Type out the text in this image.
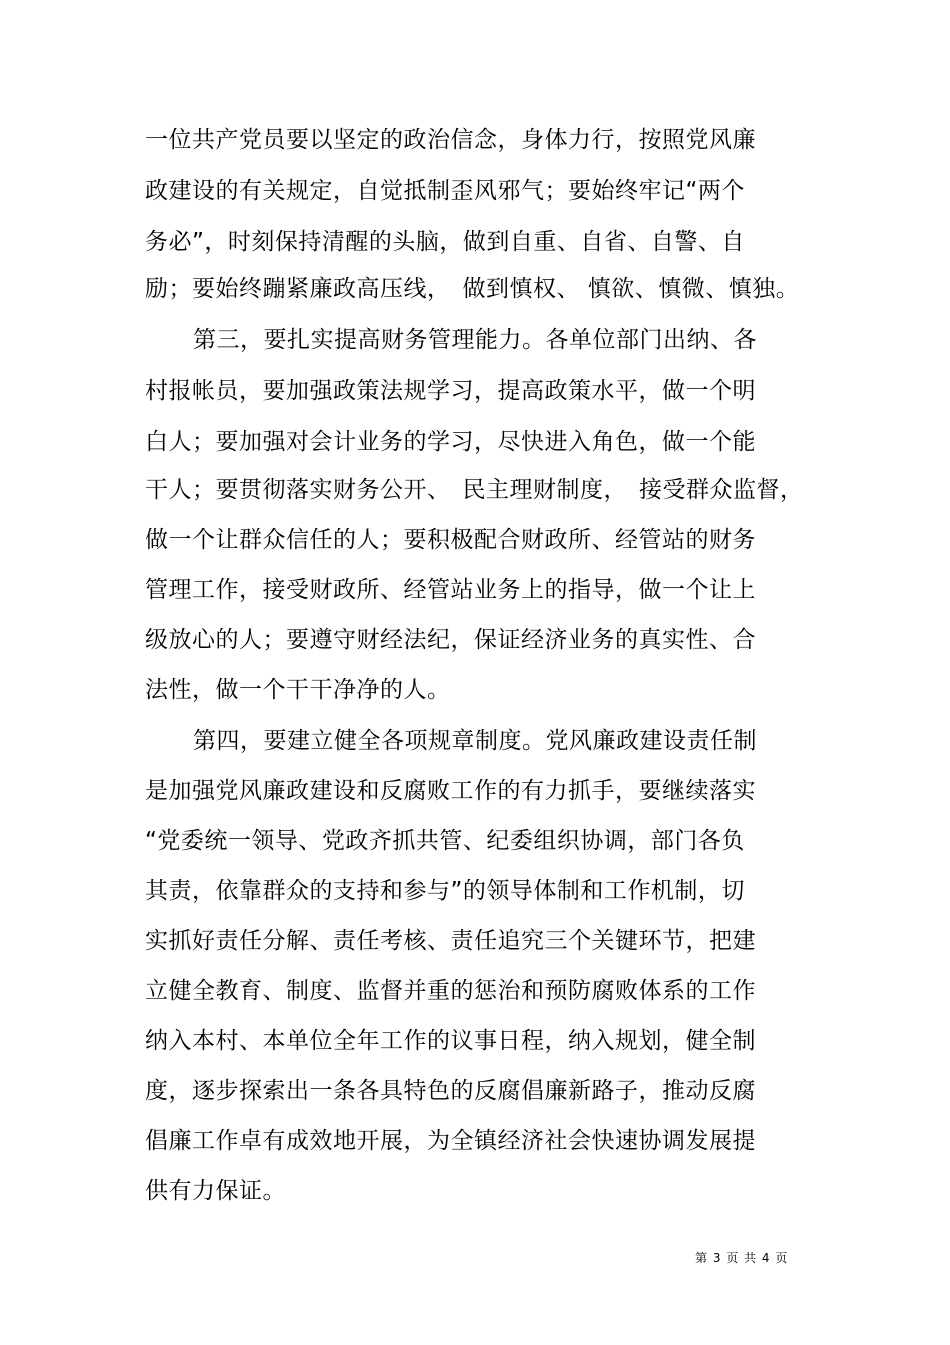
一位共产党员要以坚定的政治信念，身体力行，按照党风廉
政建设的有关规定，自觉抵制歪风邪气；要始终牢记“两个
务必”，时刻保持清醒的头脑，做到自重、自省、自警、自
励；要始终蹦紧廉政高压线，　做到慎权、 慎欲、慎微、慎独。
第三，要扎实提高财务管理能力。各单位部门出纳、各
村报帐员，要加强政策法规学习，提高政策水平，做一个明
白人；要加强对会计业务的学习，尽快进入角色，做一个能
干人；要贯彻落实财务公开、　民主理财制度，　接受群众监督，
做一个让群众信任的人；要积极配合财政所、经管站的财务
管理工作，接受财政所、经管站业务上的指导，做一个让上
级放心的人；要遵守财经法纪，保证经济业务的真实性、合
法性，做一个干干净净的人。
第四，要建立健全各项规章制度。党风廉政建设责任制
是加强党风廉政建设和反腐败工作的有力抓手，要继续落实
“党委统一领导、党政齐抓共管、纪委组织协调，部门各负
其责，依靠群众的支持和参与”的领导体制和工作机制，切
实抓好责任分解、责任考核、责任追究三个关键环节，把建
立健全教育、制度、监督并重的惩治和预防腐败体系的工作
纳入本村、本单位全年工作的议事日程，纳入规划，健全制
度，逐步探索出一条各具特色的反腐倡廉新路子，推动反腐
倡廉工作卓有成效地开展，为全镇经济社会快速协调发展提
供有力保证。
第 3 页 共 4 页
